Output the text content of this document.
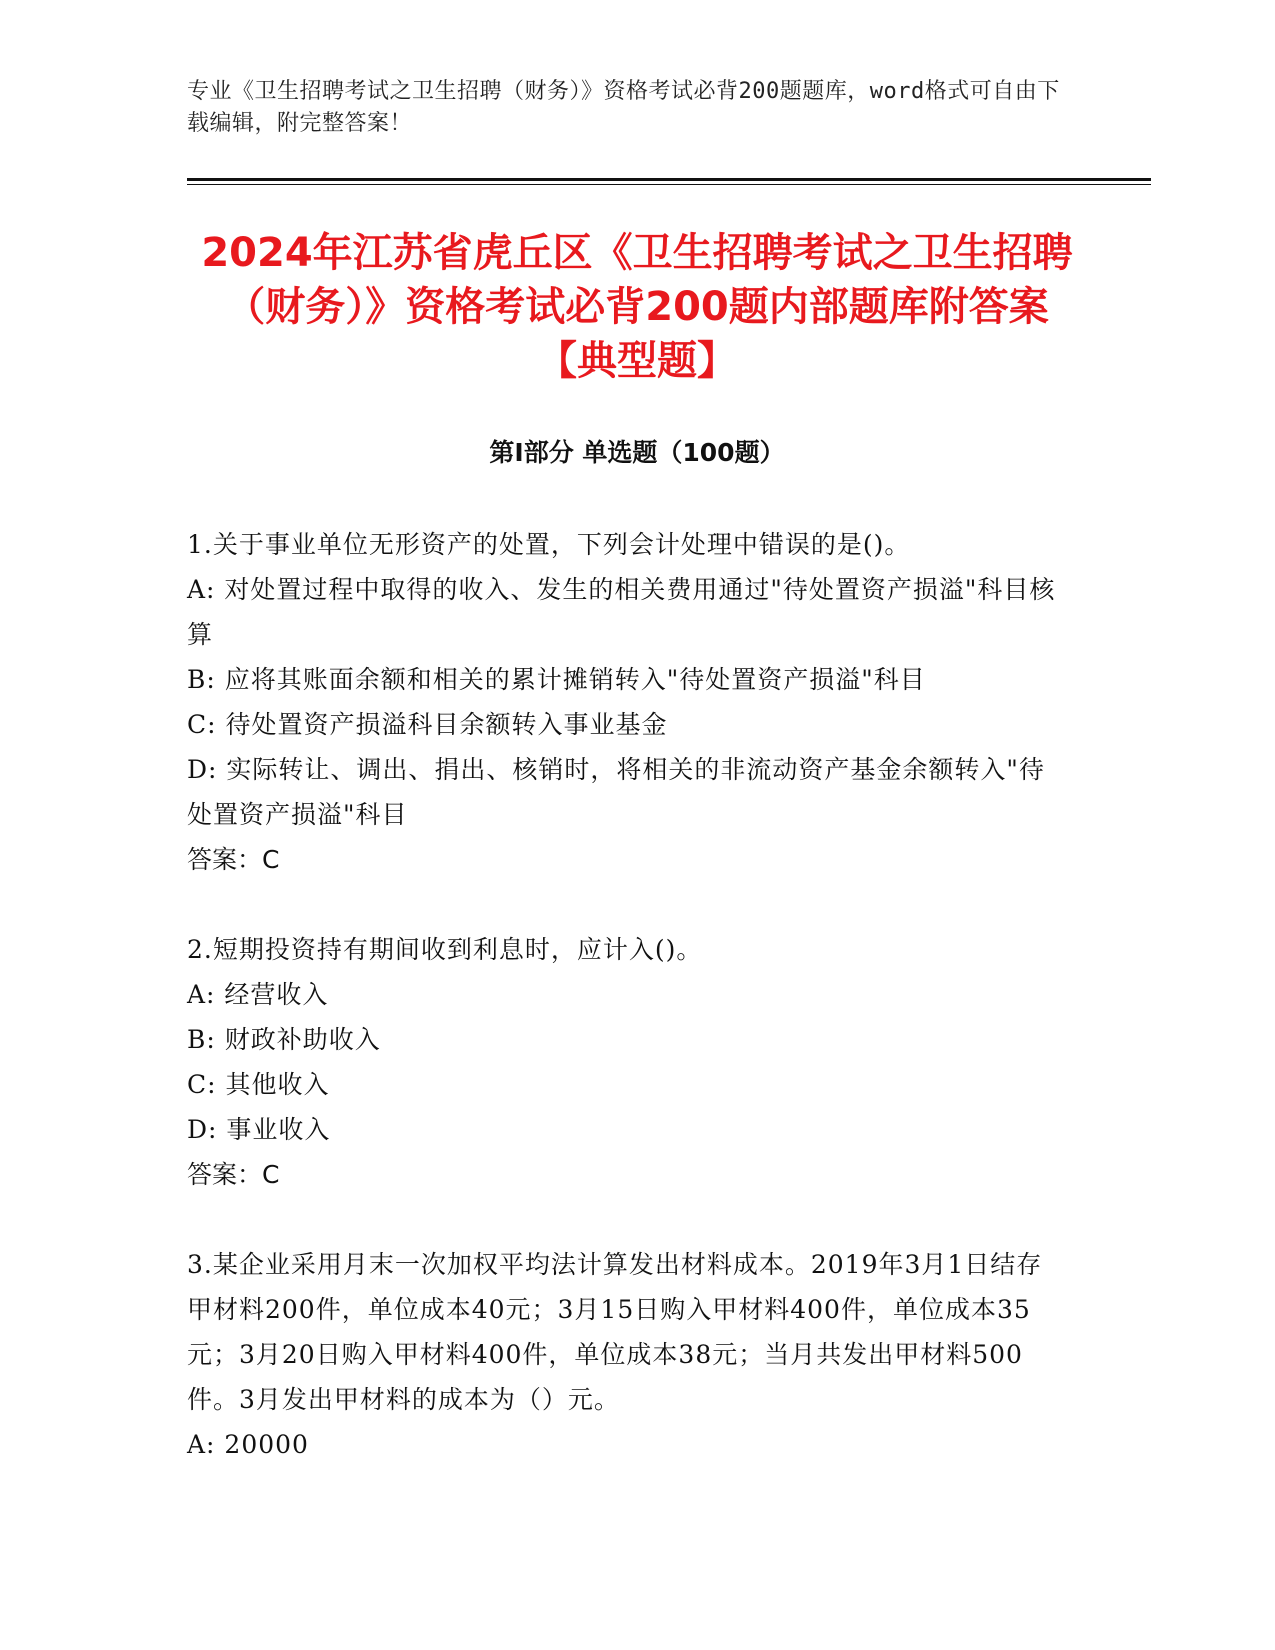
专业《卫生招聘考试之卫生招聘（财务）》资格考试必背200题题库，word格式可自由下载编辑，附完整答案！
2024年江苏省虎丘区《卫生招聘考试之卫生招聘（财务）》资格考试必背200题内部题库附答案【典型题】
第Ⅰ部分 单选题（100题）

1.关于事业单位无形资产的处置，下列会计处理中错误的是()。

A: 对处置过程中取得的收入、发生的相关费用通过"待处置资产损溢"科目核算

B: 应将其账面余额和相关的累计摊销转入"待处置资产损溢"科目

C: 待处置资产损溢科目余额转入事业基金

D: 实际转让、调出、捐出、核销时，将相关的非流动资产基金余额转入"待处置资产损溢"科目

答案：C

2.短期投资持有期间收到利息时，应计入()。

A: 经营收入

B: 财政补助收入

C: 其他收入

D: 事业收入

答案：C

3.某企业采用月末一次加权平均法计算发出材料成本。2019年3月1日结存甲材料200件，单位成本40元；3月15日购入甲材料400件，单位成本35元；3月20日购入甲材料400件，单位成本38元；当月共发出甲材料500件。3月发出甲材料的成本为（）元。

A: 20000
